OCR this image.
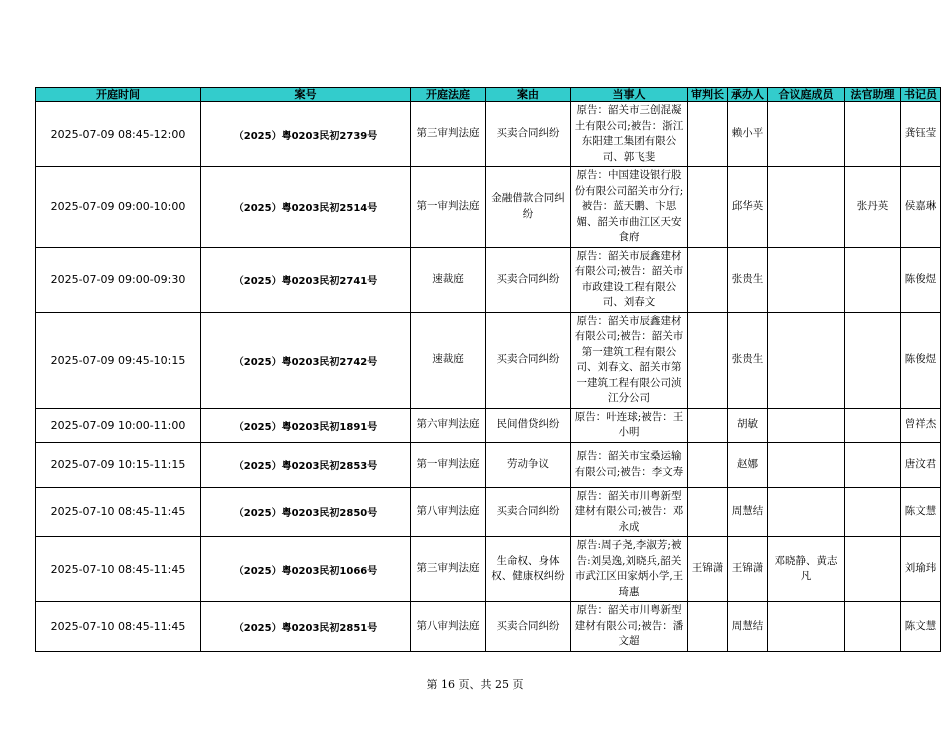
开庭时间	案号	开庭法庭	案由	当事人	审判长	承办人	合议庭成员	法官助理	书记员
2025-07-09 08:45-12:00	（2025）粤0203民初2739号	第三审判法庭	买卖合同纠纷	原告：韶关市三创混凝土有限公司;被告：浙江东阳建工集团有限公司、郭飞斐		赖小平			龚钰莹
2025-07-09 09:00-10:00	（2025）粤0203民初2514号	第一审判法庭	金融借款合同纠纷	原告：中国建设银行股份有限公司韶关市分行;被告：蓝天鹏、卞思媚、韶关市曲江区天安食府		邱华英		张丹英	侯嘉琳
2025-07-09 09:00-09:30	（2025）粤0203民初2741号	速裁庭	买卖合同纠纷	原告：韶关市辰鑫建材有限公司;被告：韶关市市政建设工程有限公司、刘春文		张贵生			陈俊煜
2025-07-09 09:45-10:15	（2025）粤0203民初2742号	速裁庭	买卖合同纠纷	原告：韶关市辰鑫建材有限公司;被告：韶关市第一建筑工程有限公司、刘春文、韶关市第一建筑工程有限公司浈江分公司		张贵生			陈俊煜
2025-07-09 10:00-11:00	（2025）粤0203民初1891号	第六审判法庭	民间借贷纠纷	原告：叶连球;被告：王小明		胡敏			曾祥杰
2025-07-09 10:15-11:15	（2025）粤0203民初2853号	第一审判法庭	劳动争议	原告：韶关市宝桑运输有限公司;被告：李文寿		赵娜			唐汶君
2025-07-10 08:45-11:45	（2025）粤0203民初2850号	第八审判法庭	买卖合同纠纷	原告：韶关市川粤新型建材有限公司;被告：邓永成		周慧结			陈文慧
2025-07-10 08:45-11:45	（2025）粤0203民初1066号	第三审判法庭	生命权、身体权、健康权纠纷	原告:周子尧,李淑芳;被告:刘昊逸,刘晓兵,韶关市武江区田家炳小学,王琦惠	王锦潇	王锦潇	邓晓静、黄志凡		刘瑜玮
2025-07-10 08:45-11:45	（2025）粤0203民初2851号	第八审判法庭	买卖合同纠纷	原告：韶关市川粤新型建材有限公司;被告：潘文超		周慧结			陈文慧
第 16 页、共 25 页
